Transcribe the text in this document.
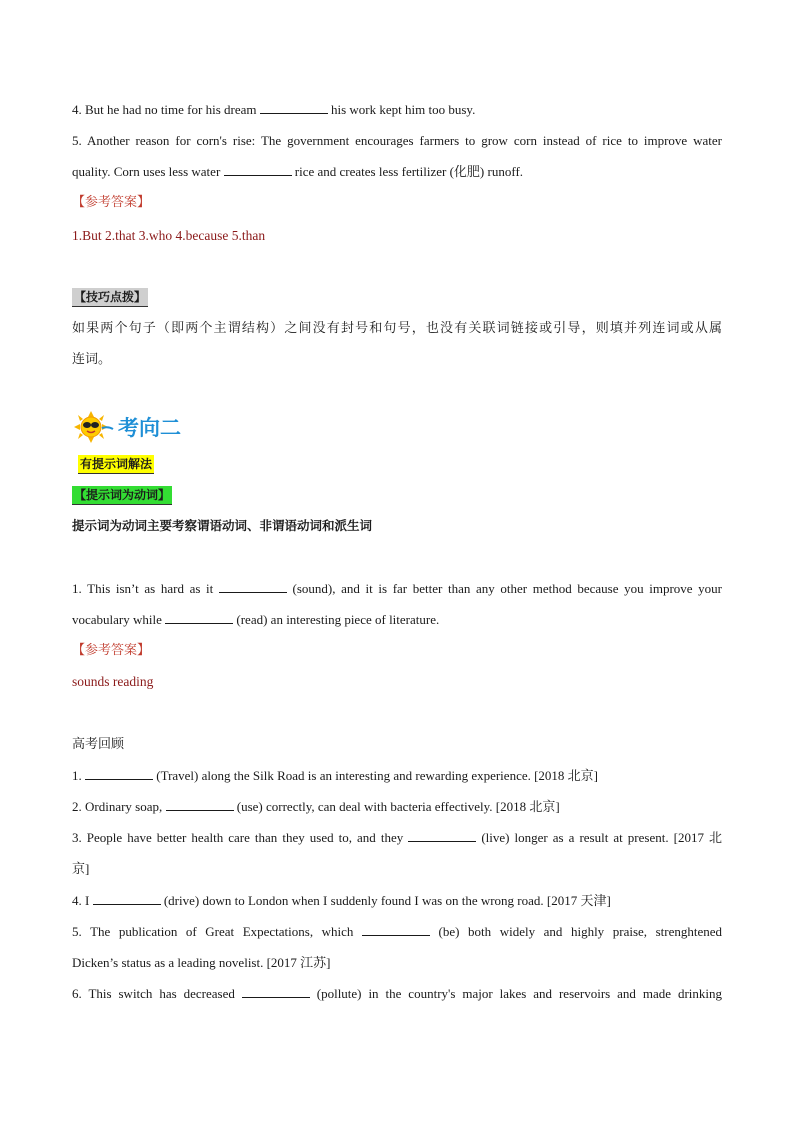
4. But he had no time for his dream	his work kept him too busy.
5. Another reason for corn's rise: The government encourages farmers to grow corn instead of rice to improve water
quality. Corn uses less water	rice and creates less fertilizer (化肥) runoff.
【参考答案】
1.But 2.that 3.who 4.because 5.than
【技巧点拨】
如果两个句子（即两个主谓结构）之间没有封号和句号，也没有关联词链接或引导，则填并列连词或从属
连词。
考向二
有提示词解法
【提示词为动词】
提示词为动词主要考察谓语动词、非谓语动词和派生词
1. This isn’t as hard as it	(sound), and it is far better than any other method because you improve your
vocabulary while	(read) an interesting piece of literature.
【参考答案】
sounds reading
高考回顾
1.	(Travel) along the Silk Road is an interesting and rewarding experience. [2018 北京]
2. Ordinary soap,	(use) correctly, can deal with bacteria effectively. [2018 北京]
3. People have better health care than they used to, and they	(live) longer as a result at present. [2017 北
京]
4. I	(drive) down to London when I suddenly found I was on the wrong road. [2017 天津]
5. The publication of Great Expectations, which	(be) both widely and highly praise, strenghtened
Dicken’s status as a leading novelist. [2017 江苏]
6. This switch has decreased	(pollute) in the country's major lakes and reservoirs and made drinking
